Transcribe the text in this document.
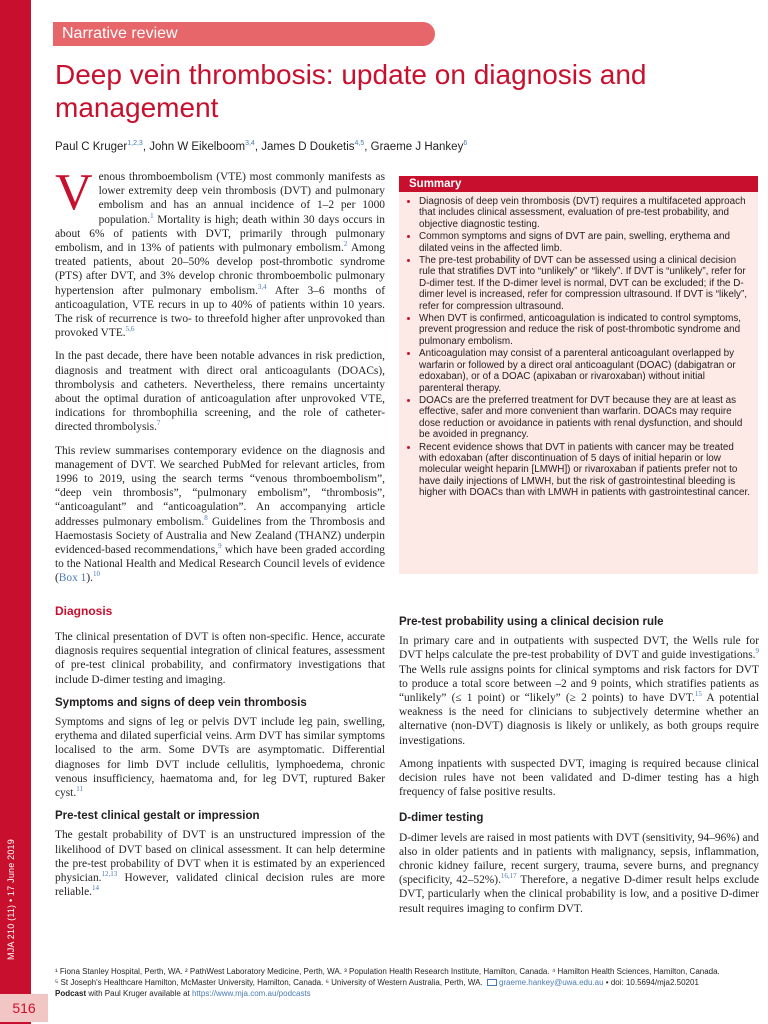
MJA 210 (11) • 17 June 2019
516
Narrative review
Deep vein thrombosis: update on diagnosis and management
Paul C Kruger$^{1,2,3}$, John W Eikelboom$^{3,4}$, James D Douketis$^{4,5}$, Graeme J Hankey$^6$

Venous thromboembolism (VTE) most commonly manifests as lower extremity deep vein thrombosis (DVT) and pulmonary embolism and has an annual incidence of 1–2 per 1000 population.$^1$ Mortality is high; death within 30 days occurs in about 6% of patients with DVT, primarily through pulmonary embolism, and in 13% of patients with pulmonary embolism.$^2$ Among treated patients, about 20–50% develop post-thrombotic syndrome (PTS) after DVT, and 3% develop chronic thromboembolic pulmonary hypertension after pulmonary embolism.$^{3,4}$ After 3–6 months of anticoagulation, VTE recurs in up to 40% of patients within 10 years. The risk of recurrence is two- to threefold higher after unprovoked than provoked VTE.$^{5,6}$

In the past decade, there have been notable advances in risk prediction, diagnosis and treatment with direct oral anticoagulants (DOACs), thrombolysis and catheters. Nevertheless, there remains uncertainty about the optimal duration of anticoagulation after unprovoked VTE, indications for thrombophilia screening, and the role of catheter-directed thrombolysis.$^7$

This review summarises contemporary evidence on the diagnosis and management of DVT. We searched PubMed for relevant articles, from 1996 to 2019, using the search terms “venous thromboembolism”, “deep vein thrombosis”, “pulmonary embolism”, “thrombosis”, “anticoagulant” and “anticoagulation”. An accompanying article addresses pulmonary embolism.$^8$ Guidelines from the Thrombosis and Haemostasis Society of Australia and New Zealand (THANZ) underpin evidenced-based recommendations,$^9$ which have been graded according to the National Health and Medical Research Council levels of evidence (Box 1).$^{10}$

Diagnosis

The clinical presentation of DVT is often non-specific. Hence, accurate diagnosis requires sequential integration of clinical features, assessment of pre-test clinical probability, and confirmatory investigations that include D-dimer testing and imaging.

Symptoms and signs of deep vein thrombosis

Symptoms and signs of leg or pelvis DVT include leg pain, swelling, erythema and dilated superficial veins. Arm DVT has similar symptoms localised to the arm. Some DVTs are asymptomatic. Differential diagnoses for limb DVT include cellulitis, lymphoedema, chronic venous insufficiency, haematoma and, for leg DVT, ruptured Baker cyst.$^{11}$

Pre-test clinical gestalt or impression

The gestalt probability of DVT is an unstructured impression of the likelihood of DVT based on clinical assessment. It can help determine the pre-test probability of DVT when it is estimated by an experienced physician.$^{12,13}$ However, validated clinical decision rules are more reliable.$^{14}$

Summary
• Diagnosis of deep vein thrombosis (DVT) requires a multifaceted approach that includes clinical assessment, evaluation of pre-test probability, and objective diagnostic testing.
• Common symptoms and signs of DVT are pain, swelling, erythema and dilated veins in the affected limb.
• The pre-test probability of DVT can be assessed using a clinical decision rule that stratifies DVT into “unlikely” or “likely”. If DVT is “unlikely”, refer for D-dimer test. If the D-dimer level is normal, DVT can be excluded; if the D-dimer level is increased, refer for compression ultrasound. If DVT is “likely”, refer for compression ultrasound.
• When DVT is confirmed, anticoagulation is indicated to control symptoms, prevent progression and reduce the risk of post-thrombotic syndrome and pulmonary embolism.
• Anticoagulation may consist of a parenteral anticoagulant overlapped by warfarin or followed by a direct oral anticoagulant (DOAC) (dabigatran or edoxaban), or of a DOAC (apixaban or rivaroxaban) without initial parenteral therapy.
• DOACs are the preferred treatment for DVT because they are at least as effective, safer and more convenient than warfarin. DOACs may require dose reduction or avoidance in patients with renal dysfunction, and should be avoided in pregnancy.
• Recent evidence shows that DVT in patients with cancer may be treated with edoxaban (after discontinuation of 5 days of initial heparin or low molecular weight heparin [LMWH]) or rivaroxaban if patients prefer not to have daily injections of LMWH, but the risk of gastrointestinal bleeding is higher with DOACs than with LMWH in patients with gastrointestinal cancer.
Pre-test probability using a clinical decision rule

In primary care and in outpatients with suspected DVT, the Wells rule for DVT helps calculate the pre-test probability of DVT and guide investigations.$^9$ The Wells rule assigns points for clinical symptoms and risk factors for DVT to produce a total score between –2 and 9 points, which stratifies patients as “unlikely” (≤ 1 point) or “likely” (≥ 2 points) to have DVT.$^{15}$ A potential weakness is the need for clinicians to subjectively determine whether an alternative (non-DVT) diagnosis is likely or unlikely, as both groups require investigations.

Among inpatients with suspected DVT, imaging is required because clinical decision rules have not been validated and D-dimer testing has a high frequency of false positive results.

D-dimer testing

D-dimer levels are raised in most patients with DVT (sensitivity, 94–96%) and also in older patients and in patients with malignancy, sepsis, inflammation, chronic kidney failure, recent surgery, trauma, severe burns, and pregnancy (specificity, 42–52%).$^{16,17}$ Therefore, a negative D-dimer result helps exclude DVT, particularly when the clinical probability is low, and a positive D-dimer result requires imaging to confirm DVT.

¹ Fiona Stanley Hospital, Perth, WA. ² PathWest Laboratory Medicine, Perth, WA. ³ Population Health Research Institute, Hamilton, Canada. ⁴ Hamilton Health Sciences, Hamilton, Canada.
⁵ St Joseph's Healthcare Hamilton, McMaster University, Hamilton, Canada. ⁶ University of Western Australia, Perth, WA. graeme.hankey@uwa.edu.au • doi: 10.5694/mja2.50201
Podcast with Paul Kruger available at https://www.mja.com.au/podcasts
